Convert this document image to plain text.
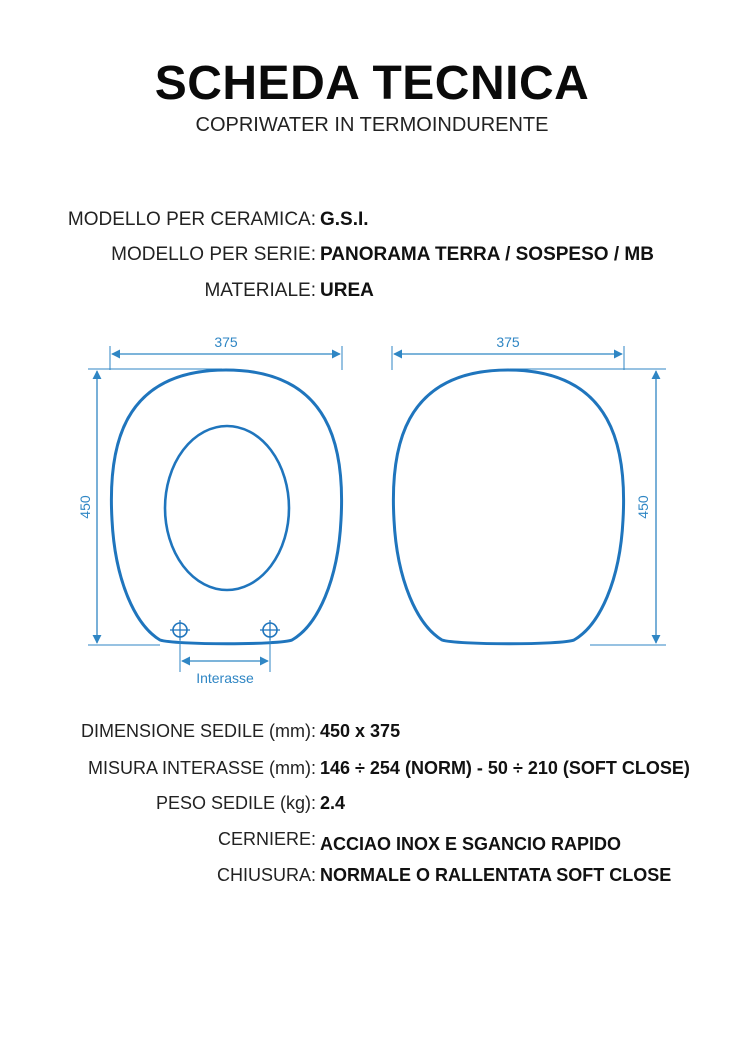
SCHEDA TECNICA
COPRIWATER IN TERMOINDURENTE
MODELLO PER CERAMICA: G.S.I.
MODELLO PER SERIE: PANORAMA TERRA / SOSPESO / MB
MATERIALE: UREA
375
450
Interasse
375
450
DIMENSIONE SEDILE (mm): 450 x 375
MISURA INTERASSE (mm): 146 ÷ 254 (NORM) - 50 ÷ 210 (SOFT CLOSE)
PESO SEDILE (kg): 2.4
CERNIERE: ACCIAO INOX E SGANCIO RAPIDO
CHIUSURA: NORMALE O RALLENTATA SOFT CLOSE
